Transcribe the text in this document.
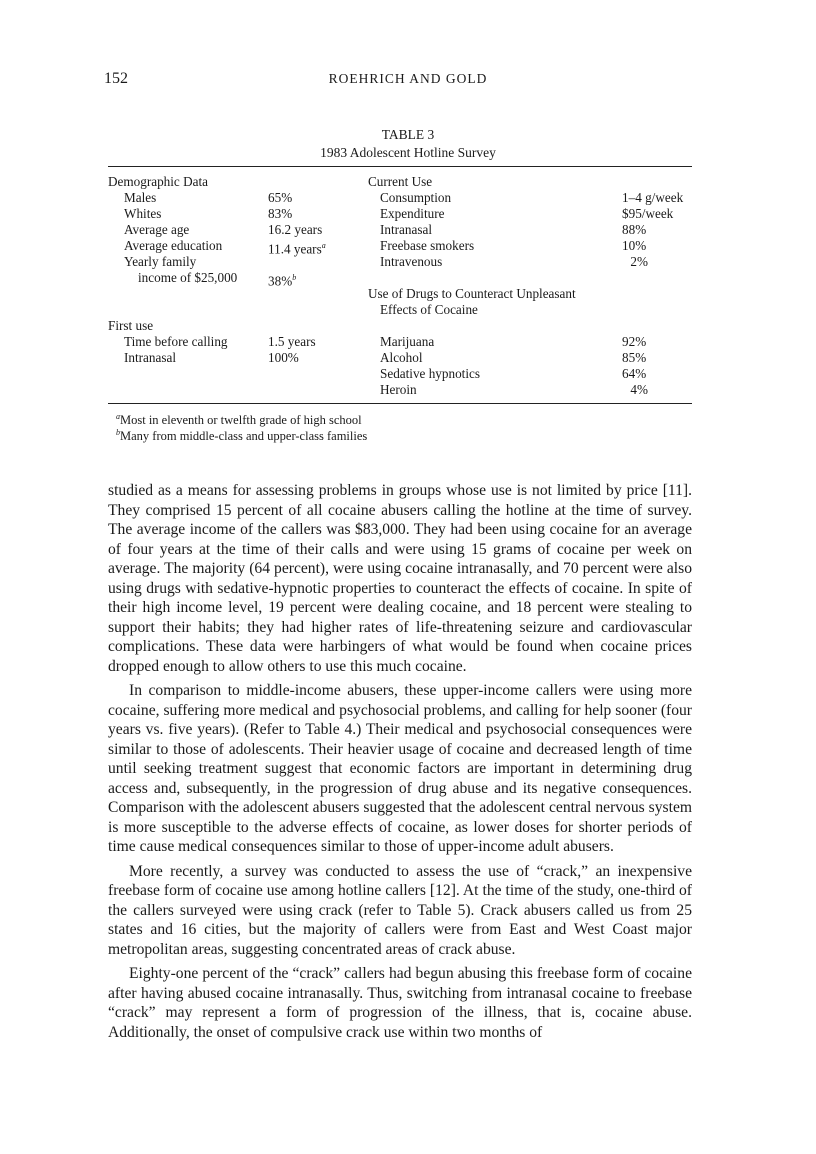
152	ROEHRICH AND GOLD
TABLE 3
1983 Adolescent Hotline Survey
Demographic Data
Males	65%
Whites	83%
Average age	16.2 years
Average education	11.4 years$^a$
Yearly family
income of $25,000 38%$^b$
First use
Time before calling	1.5 years
Intranasal	100%
Current Use
Consumption	1–4 g/week
Expenditure	$95/week
Intranasal	88%
Freebase smokers	10%
Intravenous	2%
Use of Drugs to Counteract Unpleasant
Effects of Cocaine
Marijuana	92%
Alcohol	85%
Sedative hypnotics	64%
Heroin	4%
$^a$Most in eleventh or twelfth grade of high school
$^b$Many from middle-class and upper-class families

studied as a means for assessing problems in groups whose use is not limited by price [11]. They comprised 15 percent of all cocaine abusers calling the hotline at the time of survey. The average income of the callers was $83,000. They had been using cocaine for an average of four years at the time of their calls and were using 15 grams of cocaine per week on average. The majority (64 percent), were using cocaine intranasally, and 70 percent were also using drugs with sedative-hypnotic properties to counteract the effects of cocaine. In spite of their high income level, 19 percent were dealing cocaine, and 18 percent were stealing to support their habits; they had higher rates of life-threatening seizure and cardiovascular complications. These data were harbingers of what would be found when cocaine prices dropped enough to allow others to use this much cocaine.

In comparison to middle-income abusers, these upper-income callers were using more cocaine, suffering more medical and psychosocial problems, and calling for help sooner (four years vs. five years). (Refer to Table 4.) Their medical and psychosocial consequences were similar to those of adolescents. Their heavier usage of cocaine and decreased length of time until seeking treatment suggest that economic factors are important in determining drug access and, subsequently, in the progression of drug abuse and its negative consequences. Comparison with the adolescent abusers suggested that the adolescent central nervous system is more susceptible to the adverse effects of cocaine, as lower doses for shorter periods of time cause medical consequences similar to those of upper-income adult abusers.

More recently, a survey was conducted to assess the use of “crack,” an inexpensive freebase form of cocaine use among hotline callers [12]. At the time of the study, one-third of the callers surveyed were using crack (refer to Table 5). Crack abusers called us from 25 states and 16 cities, but the majority of callers were from East and West Coast major metropolitan areas, suggesting concentrated areas of crack abuse.

Eighty-one percent of the “crack” callers had begun abusing this freebase form of cocaine after having abused cocaine intranasally. Thus, switching from intranasal cocaine to freebase “crack” may represent a form of progression of the illness, that is, cocaine abuse. Additionally, the onset of compulsive crack use within two months of
